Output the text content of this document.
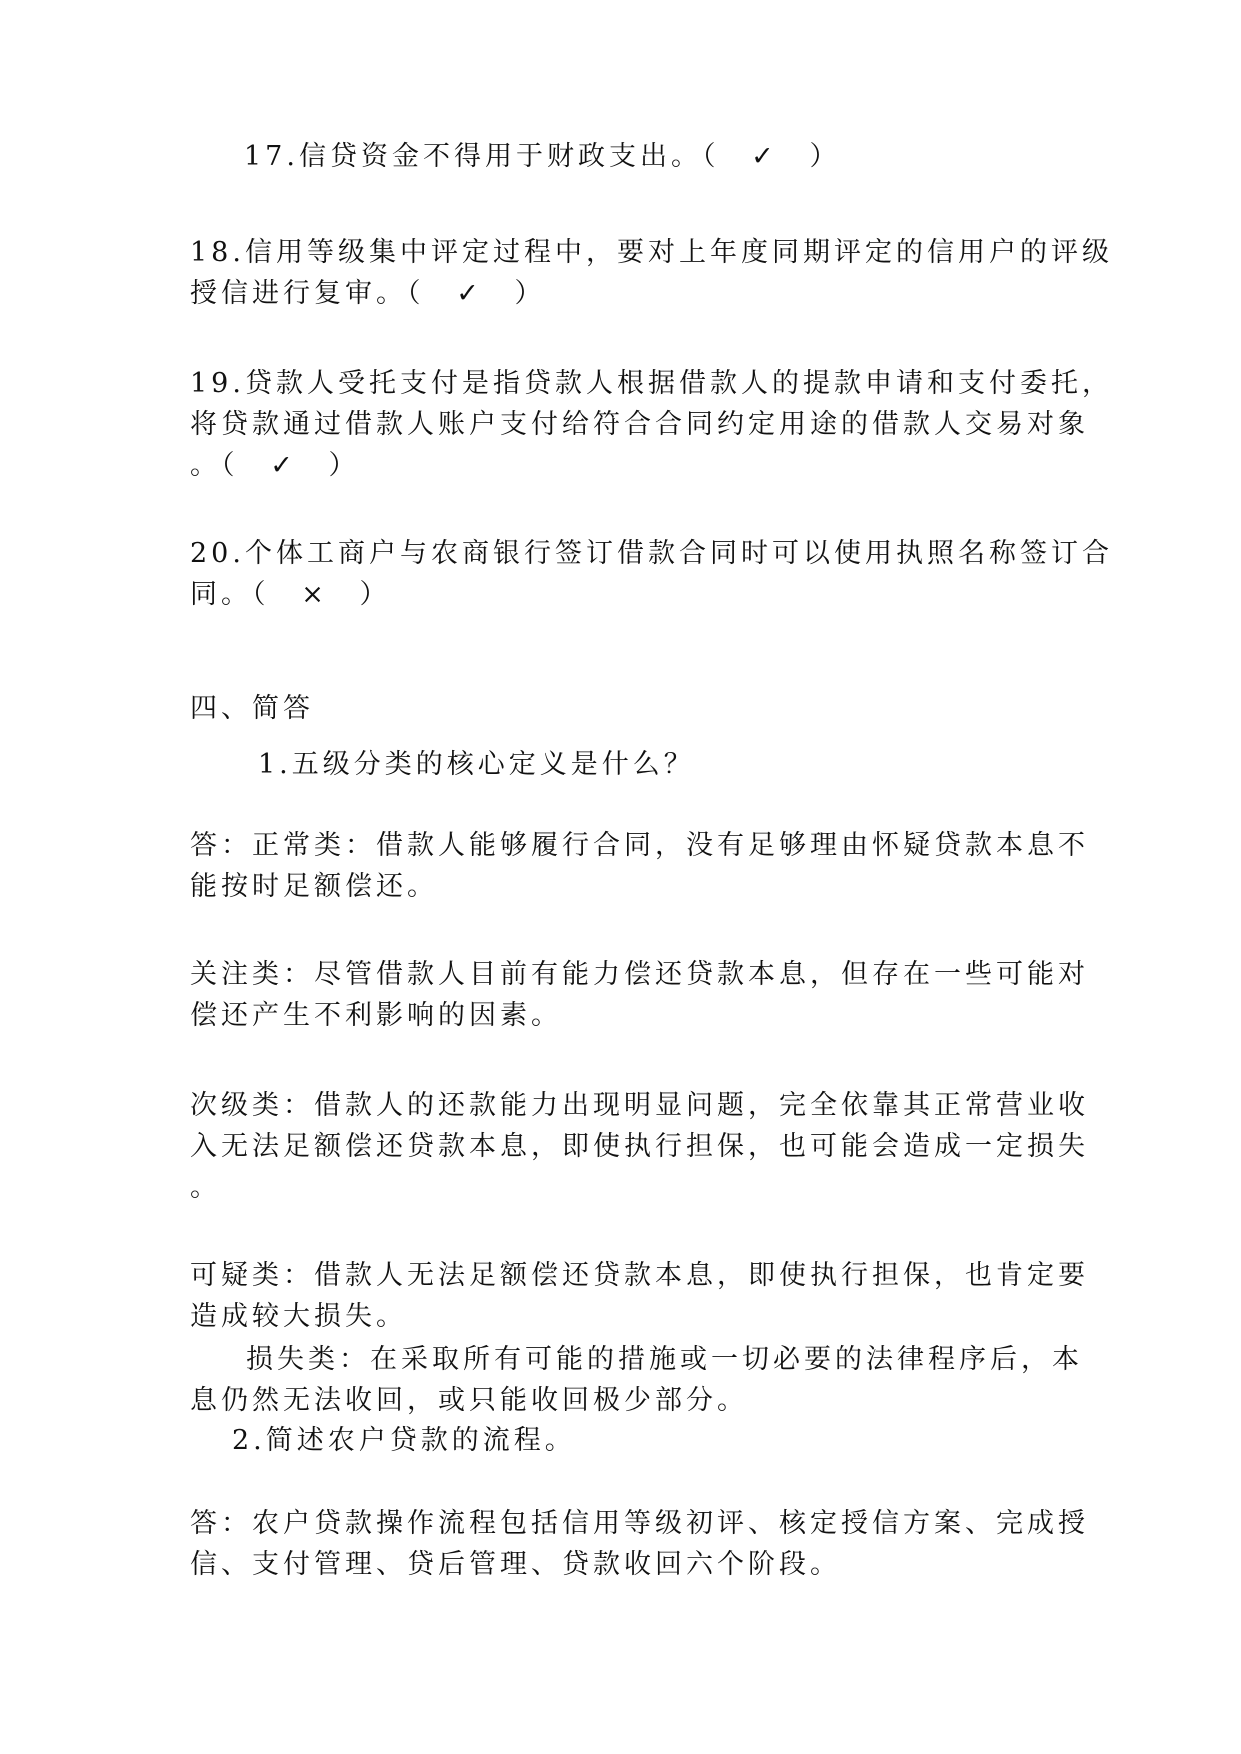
17.信贷资金不得用于财政支出。（ ✓ ）
18.信用等级集中评定过程中，要对上年度同期评定的信用户的评级
授信进行复审。（ ✓ ）
19.贷款人受托支付是指贷款人根据借款人的提款申请和支付委托，
将贷款通过借款人账户支付给符合合同约定用途的借款人交易对象
。（ ✓ ）
20.个体工商户与农商银行签订借款合同时可以使用执照名称签订合
同。（ × ）
四、简答
1.五级分类的核心定义是什么？
答：正常类：借款人能够履行合同，没有足够理由怀疑贷款本息不
能按时足额偿还。
关注类：尽管借款人目前有能力偿还贷款本息，但存在一些可能对
偿还产生不利影响的因素。
次级类：借款人的还款能力出现明显问题，完全依靠其正常营业收
入无法足额偿还贷款本息，即使执行担保，也可能会造成一定损失
。
可疑类：借款人无法足额偿还贷款本息，即使执行担保，也肯定要
造成较大损失。
损失类：在采取所有可能的措施或一切必要的法律程序后，本
息仍然无法收回，或只能收回极少部分。
2.简述农户贷款的流程。
答：农户贷款操作流程包括信用等级初评、核定授信方案、完成授
信、支付管理、贷后管理、贷款收回六个阶段。
